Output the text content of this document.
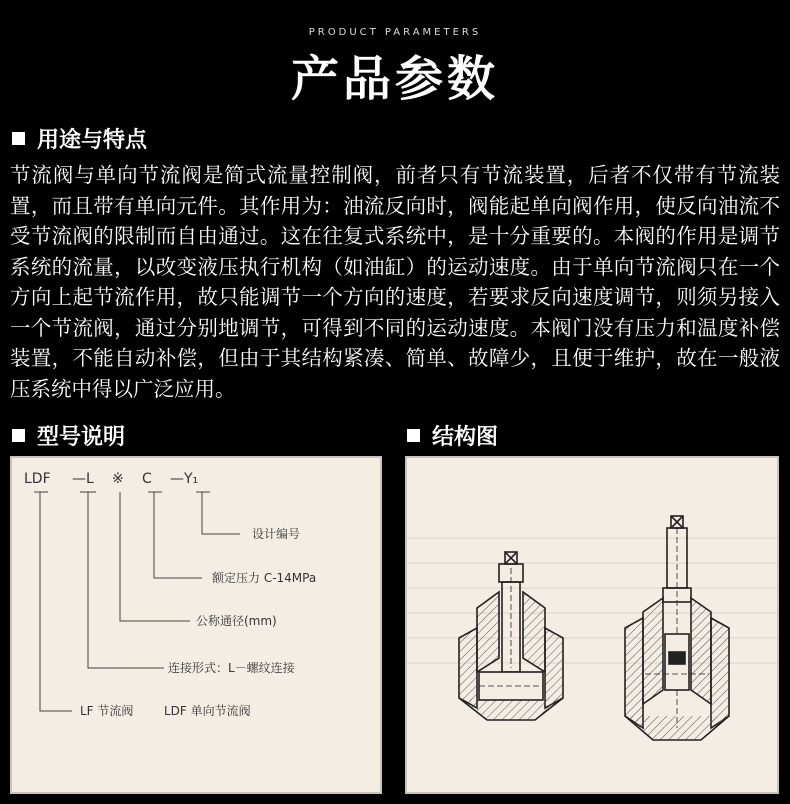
PRODUCT PARAMETERS
产品参数
用途与特点
节流阀与单向节流阀是简式流量控制阀，前者只有节流装置，后者不仅带有节流装置，而且带有单向元件。其作用为：油流反向时，阀能起单向阀作用，使反向油流不受节流阀的限制而自由通过。这在往复式系统中，是十分重要的。本阀的作用是调节系统的流量，以改变液压执行机构（如油缸）的运动速度。由于单向节流阀只在一个方向上起节流作用，故只能调节一个方向的速度，若要求反向速度调节，则须另接入一个节流阀，通过分别地调节，可得到不同的运动速度。本阀门没有压力和温度补偿装置，不能自动补偿，但由于其结构紧凑、简单、故障少，且便于维护，故在一般液压系统中得以广泛应用。
型号说明	结构图
LDF —L ※ C —Y₁
设计编号
额定压力 C-14MPa
公称通径(mm)
连接形式：L－螺纹连接
LF 节流阀	LDF 单向节流阀
